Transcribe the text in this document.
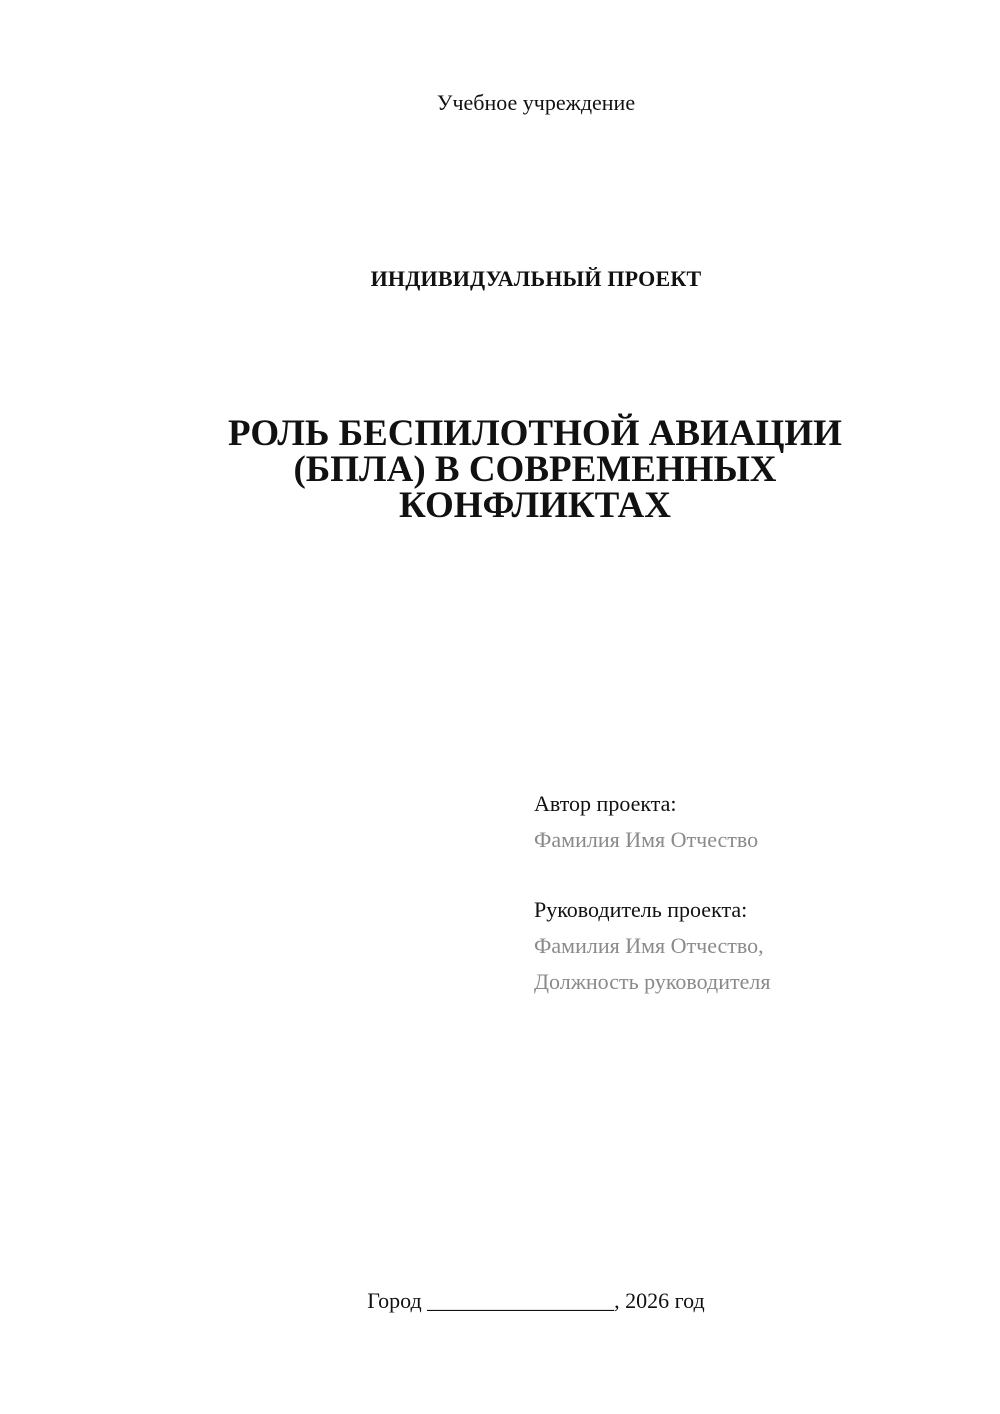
Учебное учреждение
ИНДИВИДУАЛЬНЫЙ ПРОЕКТ
РОЛЬ БЕСПИЛОТНОЙ АВИАЦИИ
(БПЛА) В СОВРЕМЕННЫХ
КОНФЛИКТАХ
Автор проекта:
Фамилия Имя Отчество
Руководитель проекта:
Фамилия Имя Отчество,
Должность руководителя
Город _________________, 2026 год
